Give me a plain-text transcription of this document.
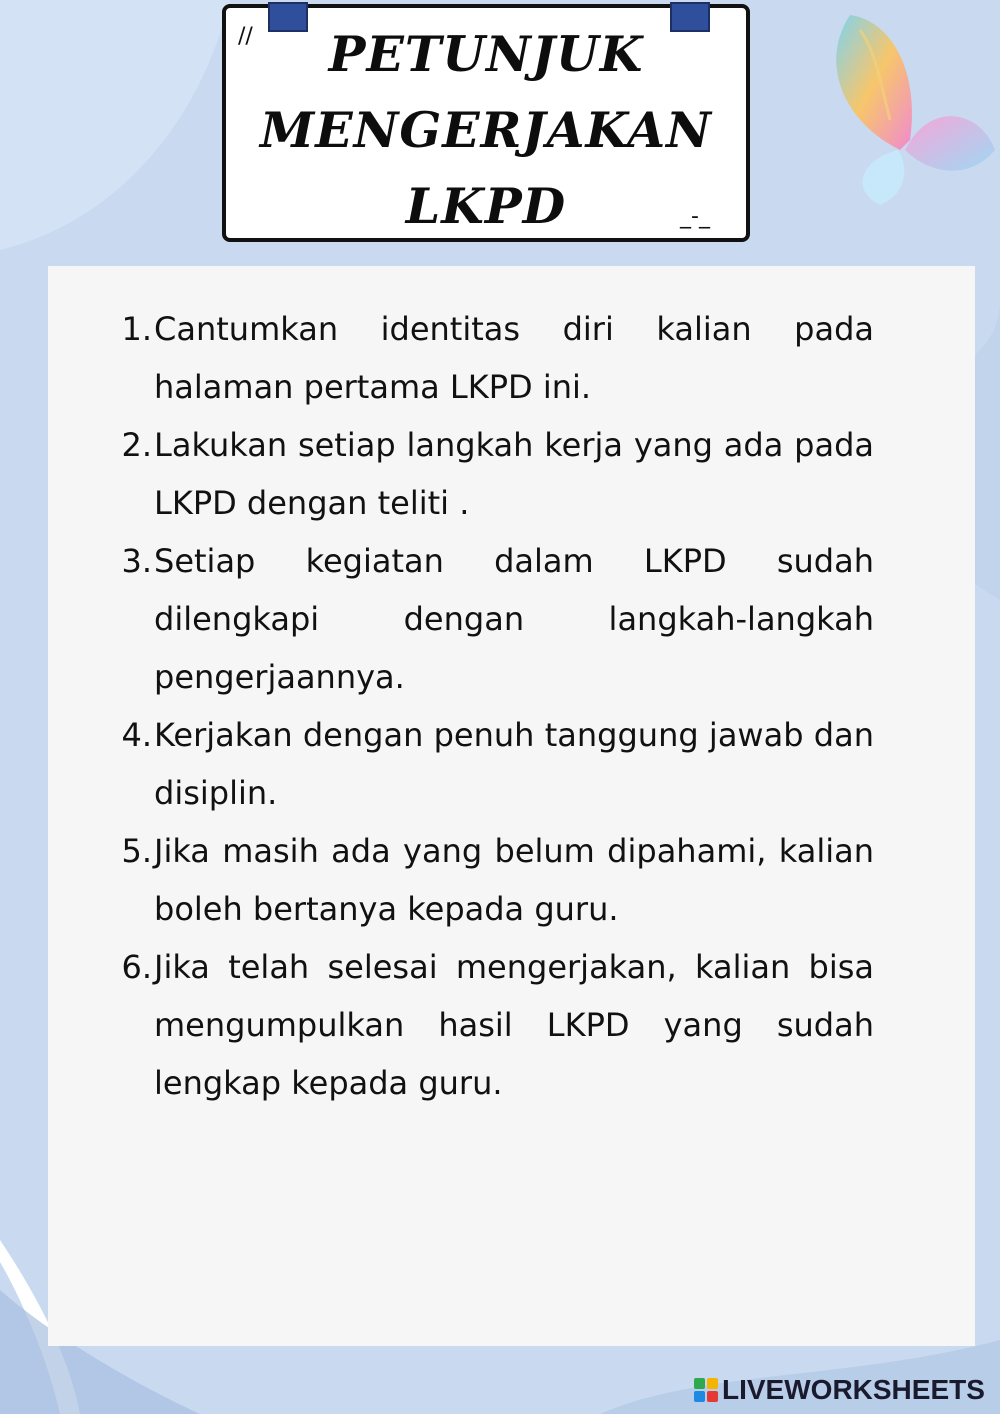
//
_-_
PETUNJUK
MENGERJAKAN
LKPD
1. Cantumkan identitas diri kalian pada halaman pertama LKPD ini.
2. Lakukan setiap langkah kerja yang ada pada LKPD dengan teliti .
3. Setiap kegiatan dalam LKPD sudah dilengkapi dengan langkah-langkah pengerjaannya.
4. Kerjakan dengan penuh tanggung jawab dan disiplin.
5. Jika masih ada yang belum dipahami, kalian boleh bertanya kepada guru.
6. Jika telah selesai mengerjakan, kalian bisa mengumpulkan hasil LKPD yang sudah lengkap kepada guru.
LIVEWORKSHEETS
